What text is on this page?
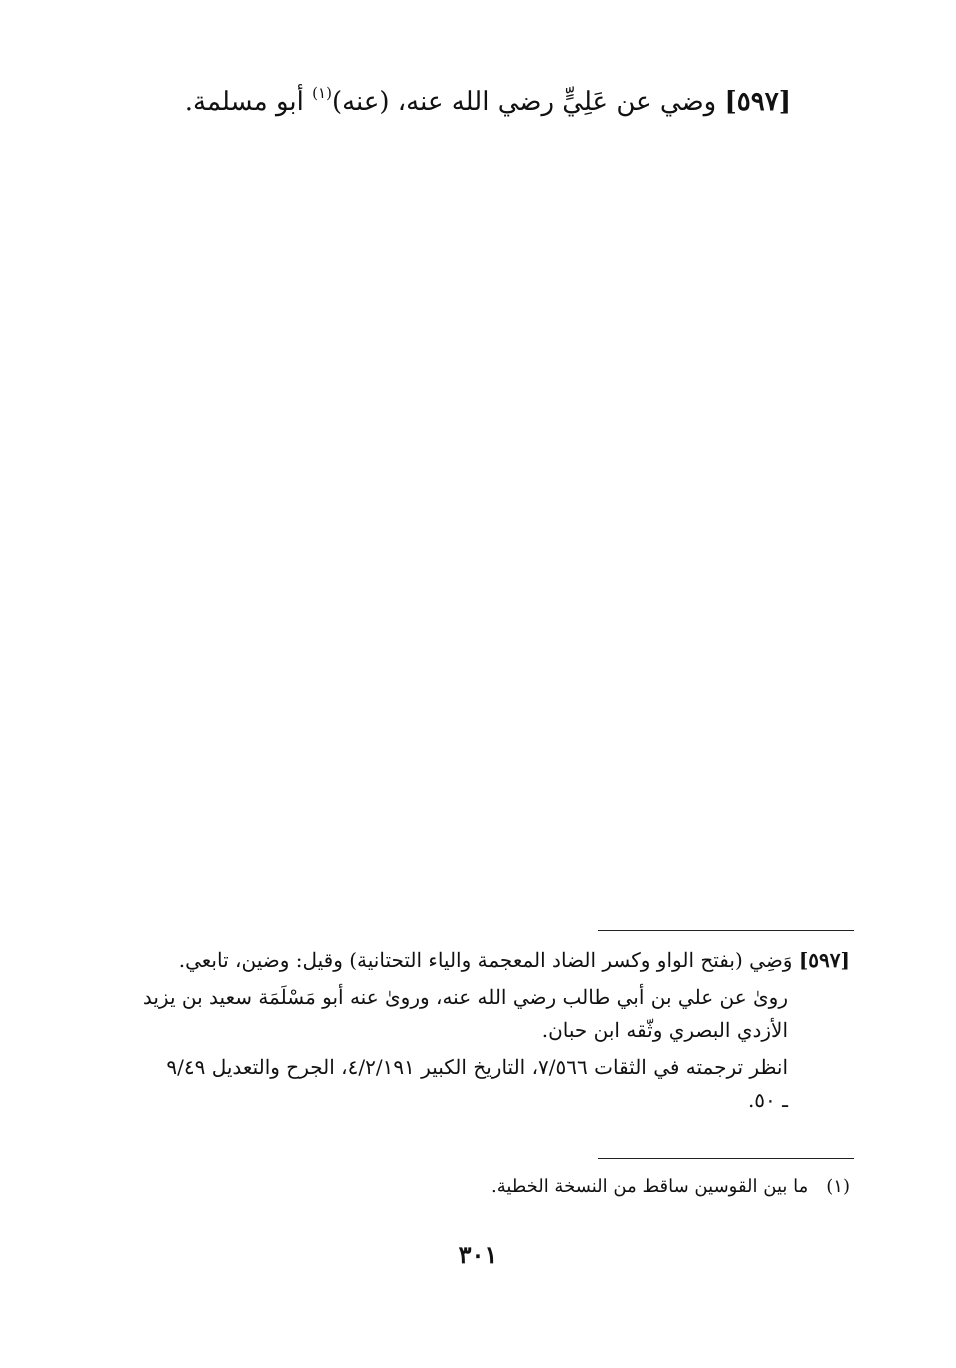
[٥٩٧] وضي عن عَلِيٍّ رضي الله عنه، (عنه)$^{(١)}$ أبو مسلمة.
[٥٩٧] وَضِي (بفتح الواو وكسر الضاد المعجمة والياء التحتانية) وقيل: وضين، تابعي.
روىٰ عن علي بن أبي طالب رضي الله عنه، وروىٰ عنه أبو مَسْلَمَة سعيد بن يزيد
الأزدي البصري وثّقه ابن حبان.
انظر ترجمته في الثقات ٧/٥٦٦، التاريخ الكبير ٤/٢/١٩١، الجرح والتعديل ٩/٤٩
ـ ٥٠.
(١)ما بين القوسين ساقط من النسخة الخطية.
٣٠١
